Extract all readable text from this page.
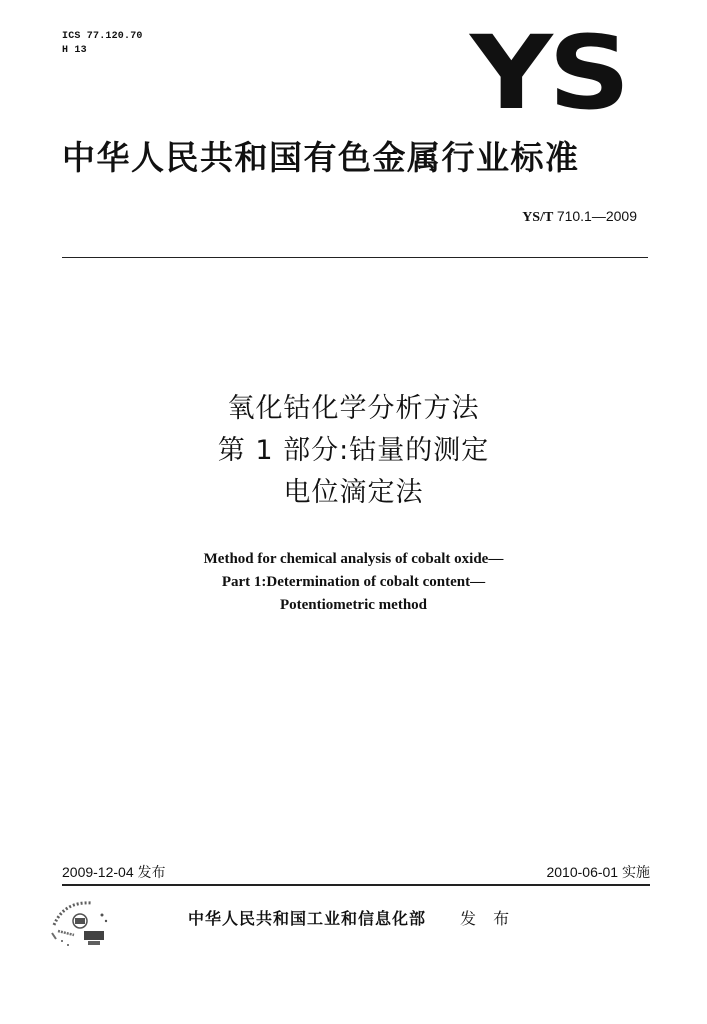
ICS 77.120.70
H 13	YS
中华人民共和国有色金属行业标准
YS/T 710.1—2009
氧化钴化学分析方法
第 1 部分:钴量的测定
电位滴定法
Method for chemical analysis of cobalt oxide—
Part 1:Determination of cobalt content—
Potentiometric method
2009-12-04 发布	2010-06-01 实施
中华人民共和国工业和信息化部 发 布
